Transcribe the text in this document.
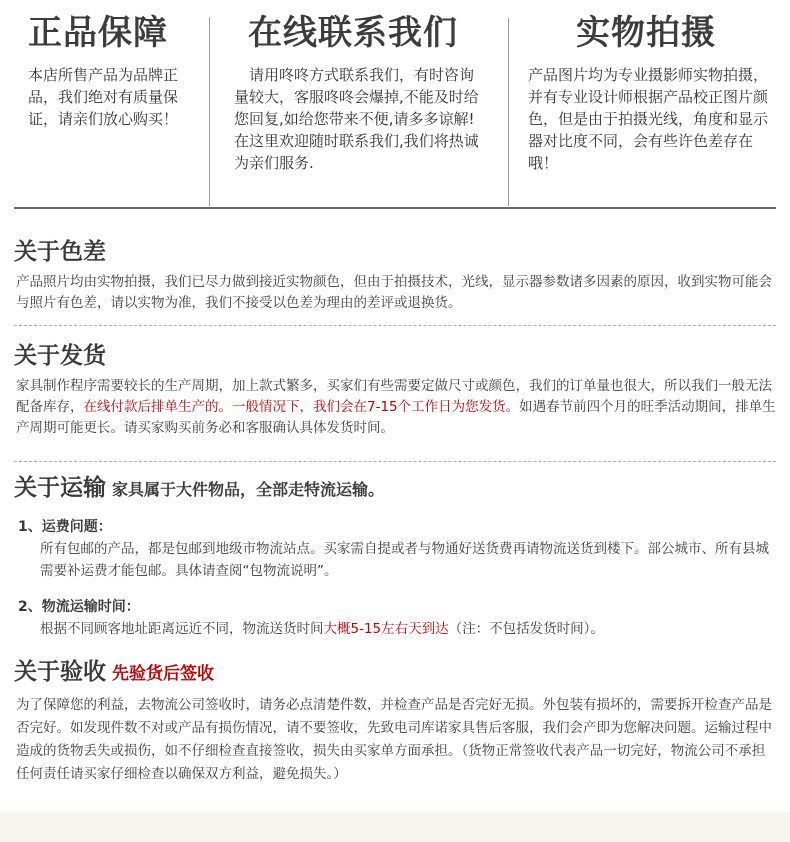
正品保障

本店所售产品为品牌正品，我们绝对有质量保证，请亲们放心购买！

在线联系我们

请用咚咚方式联系我们，有时咨询量较大，客服咚咚会爆掉,不能及时给您回复,如给您带来不便,请多多谅解!在这里欢迎随时联系我们,我们将热诚为亲们服务.

实物拍摄

产品图片均为专业摄影师实物拍摄，并有专业设计师根据产品校正图片颜色，但是由于拍摄光线，角度和显示器对比度不同，会有些许色差存在哦！

关于色差
产品照片均由实物拍摄，我们已尽力做到接近实物颜色，但由于拍摄技术，光线，显示器参数诸多因素的原因，收到实物可能会与照片有色差，请以实物为准，我们不接受以色差为理由的差评或退换货。
关于发货
家具制作程序需要较长的生产周期，加上款式繁多，买家们有些需要定做尺寸或颜色，我们的订单量也很大，所以我们一般无法配备库存，在线付款后排单生产的。一般情况下，我们会在7-15个工作日为您发货。如遇春节前四个月的旺季活动期间，排单生产周期可能更长。请买家购买前务必和客服确认具体发货时间。
关于运输 家具属于大件物品，全部走特流运输。
1、运费问题：
所有包邮的产品，都是包邮到地级市物流站点。买家需自提或者与物通好送货费再请物流送货到楼下。部公城市、所有县城需要补运费才能包邮。具体请查阅“包物流说明”。
2、物流运输时间：
根据不同顾客地址距离远近不同，物流送货时间大概5-15左右天到达（注：不包括发货时间）。
关于验收 先验货后签收
为了保障您的利益，去物流公司签收时，请务必点清楚件数，并检查产品是否完好无损。外包装有损坏的，需要拆开检查产品是否完好。如发现件数不对或产品有损伤情况，请不要签收，先致电司库诺家具售后客服，我们会产即为您解决问题。运输过程中造成的货物丢失或损伤，如不仔细检查直接签收，损失由买家单方面承担。（货物正常签收代表产品一切完好，物流公司不承担任何责任请买家仔细检查以确保双方利益，避免损失。）
